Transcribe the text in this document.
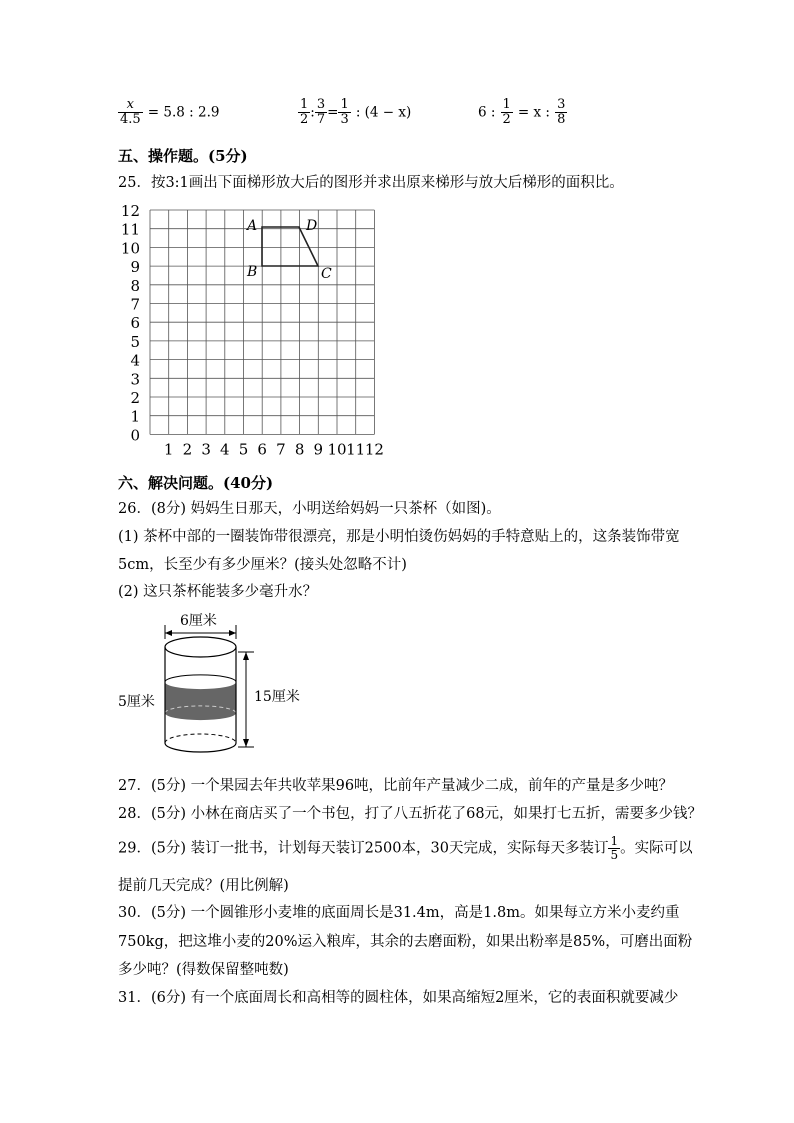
$\frac{x}{4.5} = 5.8$ : 2.9	$\frac{1}{2}$ : $\frac{3}{7} = \frac{1}{3}$ : (4 − x)	6 : $\frac{1}{2} = x$ : $\frac{3}{8}$
五、操作题。(5分)
25．按3:1画出下面梯形放大后的图形并求出原来梯形与放大后梯形的面积比。
12
11
10
9
8
7
6
5
4
3
2
1
0
1 2 3 4 5 6 7 8 9 10 11 12
A	D
B	C
六、解决问题。(40分)
26．(8分) 妈妈生日那天，小明送给妈妈一只茶杯（如图)。
(1) 茶杯中部的一圈装饰带很漂亮，那是小明怕烫伤妈妈的手特意贴上的，这条装饰带宽
5cm，长至少有多少厘米？(接头处忽略不计)
(2) 这只茶杯能装多少毫升水？
6厘米
15厘米
5厘米
27．(5分) 一个果园去年共收苹果96吨，比前年产量减少二成，前年的产量是多少吨？
28．(5分) 小林在商店买了一个书包，打了八五折花了68元，如果打七五折，需要多少钱？
29．(5分) 装订一批书，计划每天装订2500本，30天完成，实际每天多装订 $\frac{1}{5}$ 。实际可以
提前几天完成？(用比例解)
30．(5分) 一个圆锥形小麦堆的底面周长是31.4m，高是1.8m。如果每立方米小麦约重
750kg，把这堆小麦的20%运入粮库，其余的去磨面粉，如果出粉率是85%，可磨出面粉
多少吨？(得数保留整吨数)
31．(6分) 有一个底面周长和高相等的圆柱体，如果高缩短2厘米，它的表面积就要减少
